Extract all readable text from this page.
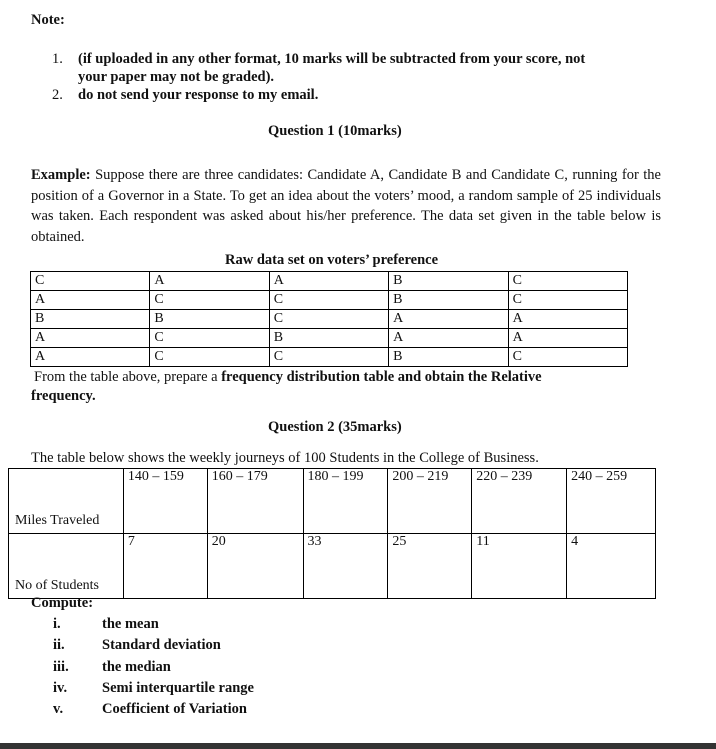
Note:
1. (if uploaded in any other format, 10 marks will be subtracted from your score, not
your paper may not be graded).
2. do not send your response to my email.
Question 1 (10marks)
Example: Suppose there are three candidates: Candidate A, Candidate B and Candidate C, running for the position of a Governor in a State. To get an idea about the voters’ mood, a random sample of 25 individuals was taken. Each respondent was asked about his/her preference. The data set given in the table below is obtained.
Raw data set on voters’ preference
C	A	A	B	C
A	C	C	B	C
B	B	C	A	A
A	C	B	A	A
A	C	C	B	C
From the table above, prepare a frequency distribution table and obtain the Relative
frequency.
Question 2 (35marks)
The table below shows the weekly journeys of 100 Students in the College of Business.
Miles Traveled	140 – 159	160 – 179	180 – 199	200 – 219	220 – 239	240 – 259
No of Students	7	20	33	25	11	4
Compute:
i.	the mean
ii.	Standard deviation
iii. the median
iv. Semi interquartile range
v.	Coefficient of Variation
